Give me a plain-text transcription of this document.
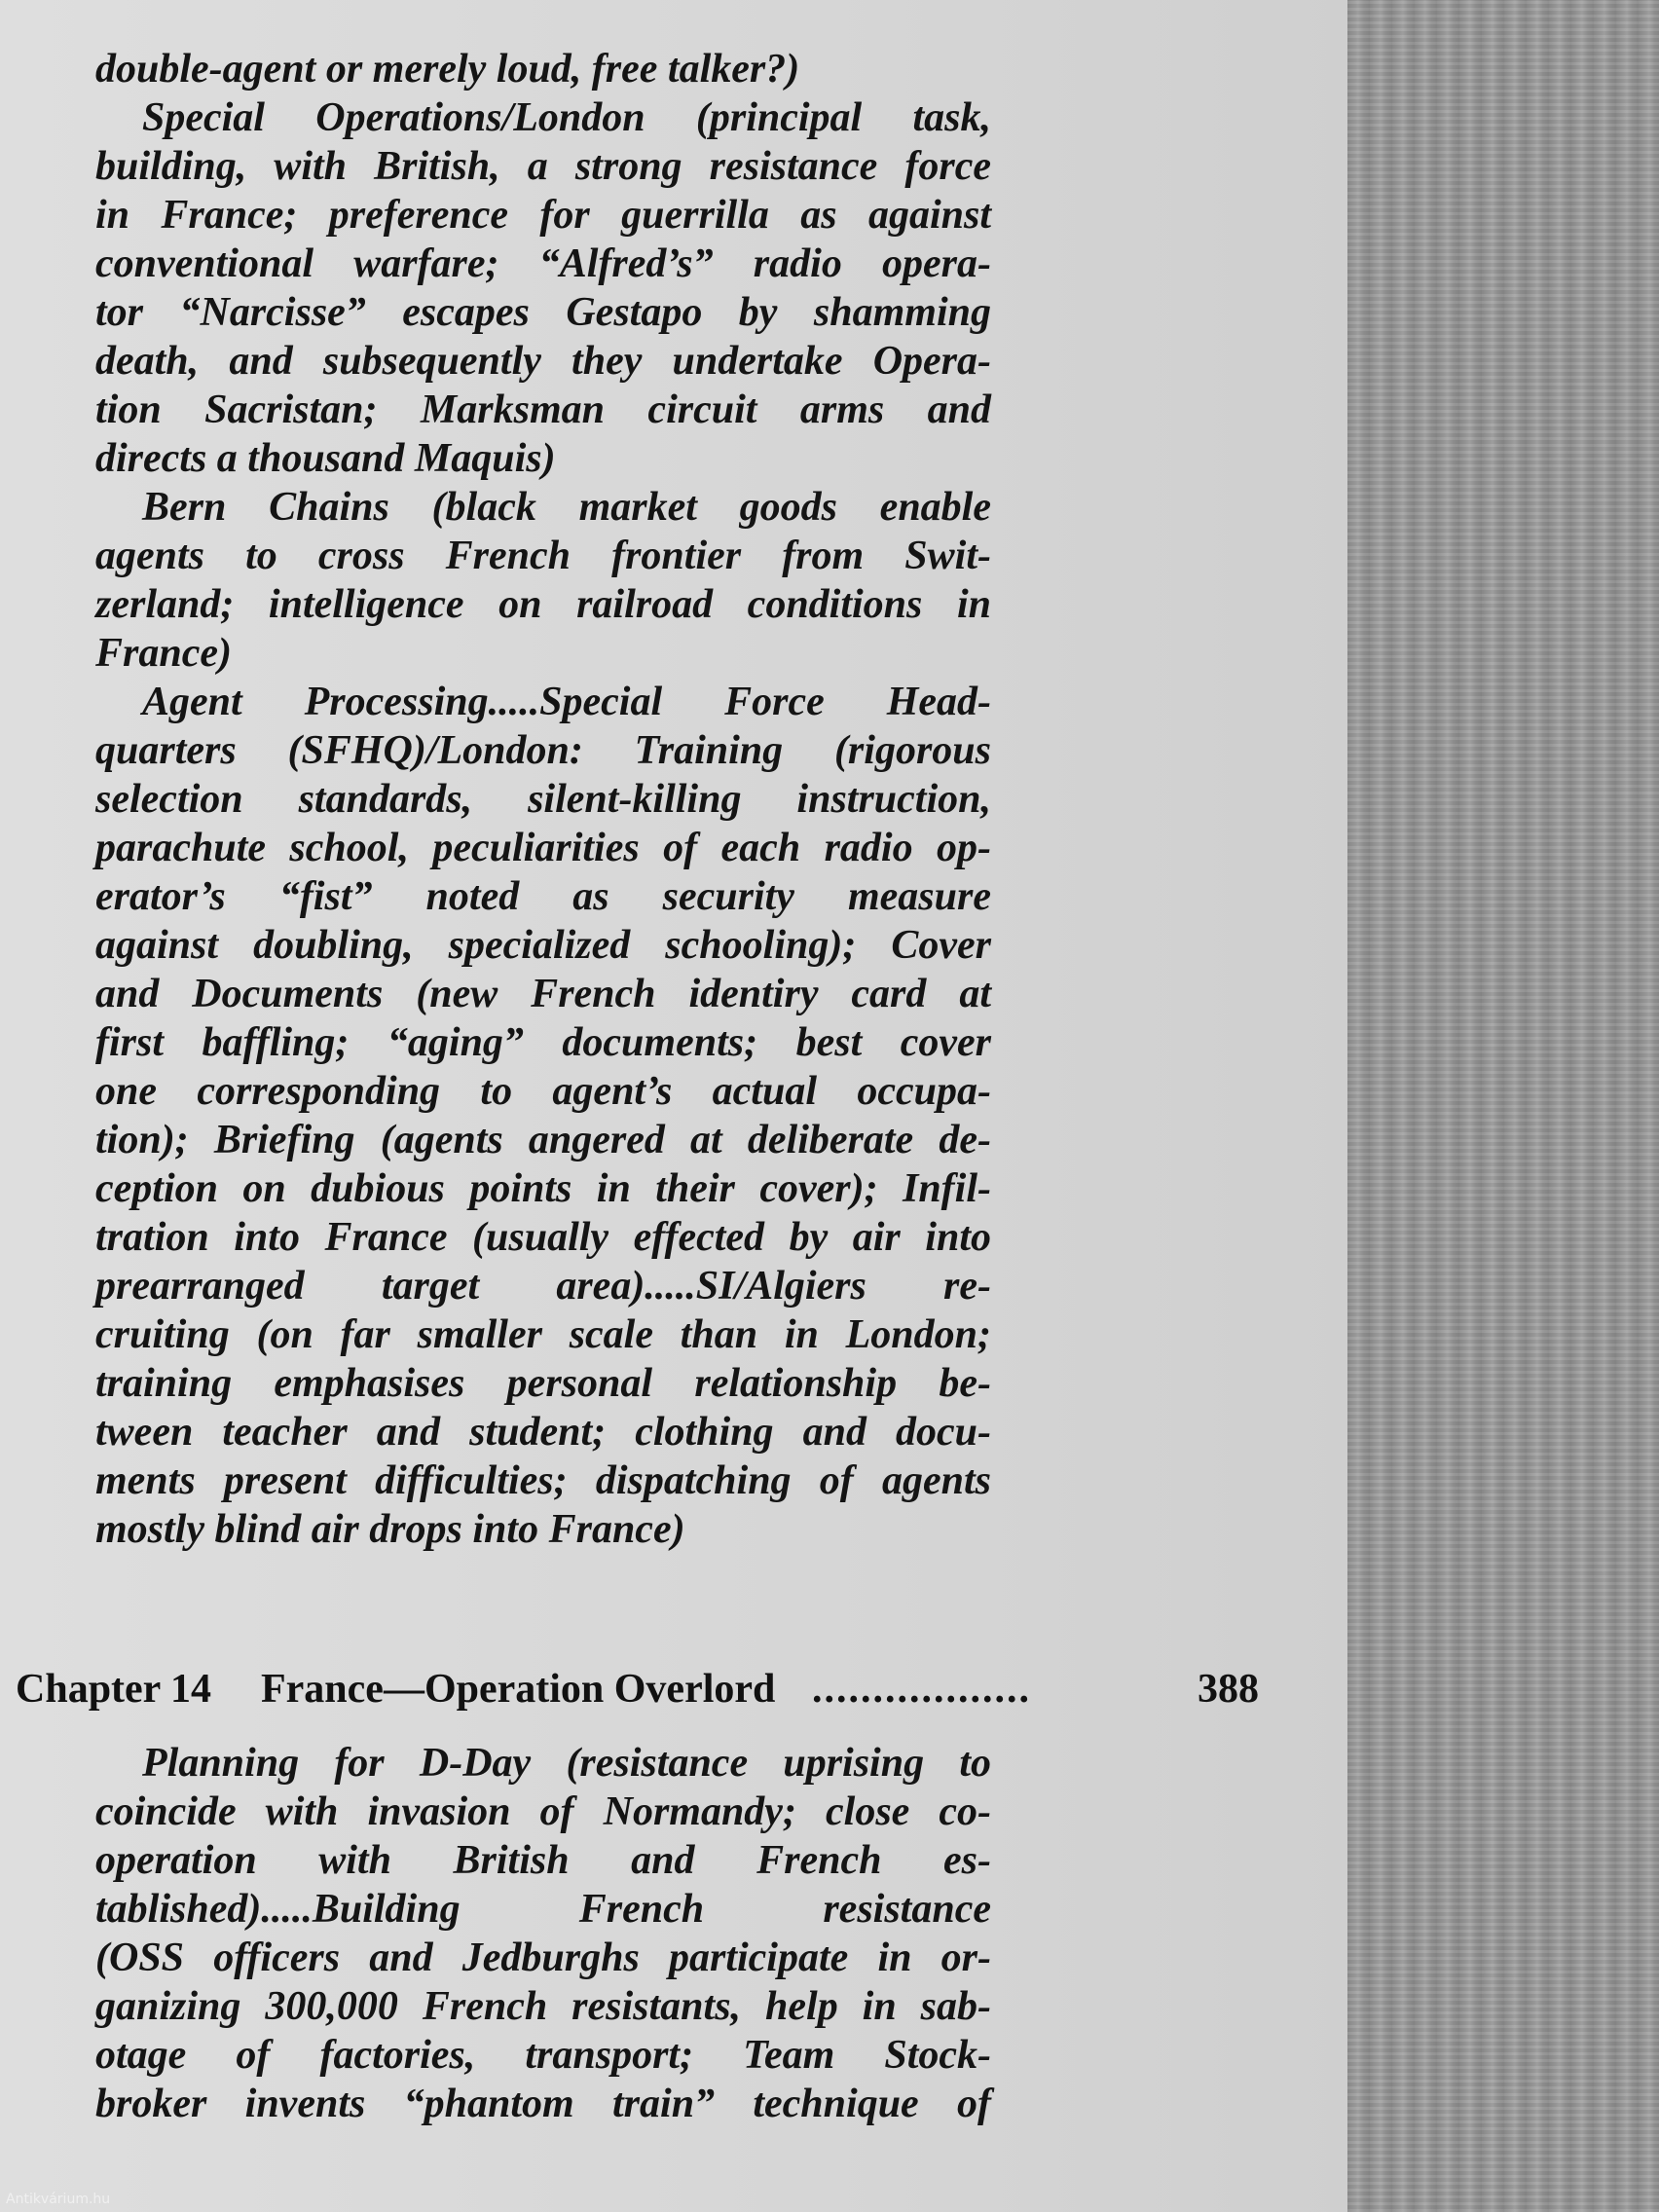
double-agent or merely loud, free talker?)

Special Operations/London (principal task,

building, with British, a strong resistance force

in France; preference for guerrilla as against

conventional warfare; “Alfred’s” radio opera-

tor “Narcisse” escapes Gestapo by shamming

death, and subsequently they undertake Opera-

tion Sacristan; Marksman circuit arms and

directs a thousand Maquis)

Bern Chains (black market goods enable

agents to cross French frontier from Swit-

zerland; intelligence on railroad conditions in

France)

Agent Processing.....Special Force Head-

quarters (SFHQ)/London: Training (rigorous

selection standards, silent-killing instruction,

parachute school, peculiarities of each radio op-

erator’s “fist” noted as security measure

against doubling, specialized schooling); Cover

and Documents (new French identiry card at

first baffling; “aging” documents; best cover

one corresponding to agent’s actual occupa-

tion); Briefing (agents angered at deliberate de-

ception on dubious points in their cover); Infil-

tration into France (usually effected by air into

prearranged target area).....SI/Algiers re-

cruiting (on far smaller scale than in London;

training emphasises personal relationship be-

tween teacher and student; clothing and docu-

ments present difficulties; dispatching of agents

mostly blind air drops into France)

Chapter 14 France—Operation Overlord ..................	388

Planning for D-Day (resistance uprising to

coincide with invasion of Normandy; close co-

operation with British and French es-

tablished).....Building French resistance

(OSS officers and Jedburghs participate in or-

ganizing 300,000 French resistants, help in sab-

otage of factories, transport; Team Stock-

broker invents “phantom train” technique of

Antikvárium.hu
